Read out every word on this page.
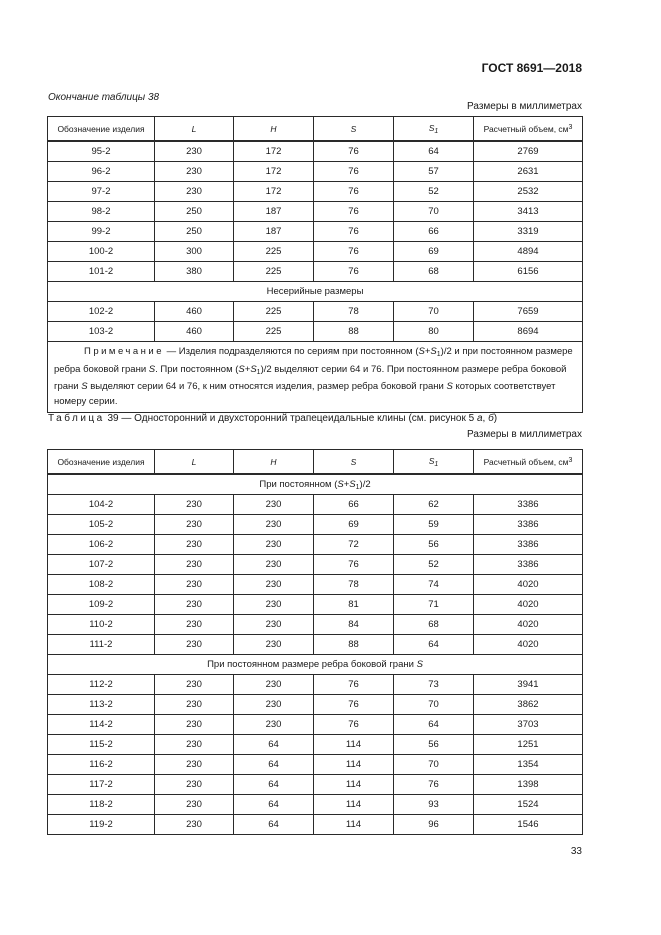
ГОСТ 8691—2018
Окончание таблицы 38
Размеры в миллиметрах
Обозначение изделия	L	H	S	$S_1$	Расчетный объем, $см^3$
95-2	230	172	76	64	2769
96-2	230	172	76	57	2631
97-2	230	172	76	52	2532
98-2	250	187	76	70	3413
99-2	250	187	76	66	3319
100-2	300	225	76	69	4894
101-2	380	225	76	68	6156
Несерийные размеры					
102-2	460	225	78	70	7659
103-2	460	225	88	80	8694
Примечание — Изделия подразделяются по сериям при постоянном $(S+S_1)/2$ и при постоянном размере ребра боковой грани S. При постоянном $(S+S_1)/2$ выделяют серии 64 и 76. При постоянном размере ребра боковой грани S выделяют серии 64 и 76, к ним относятся изделия, размер ребра боковой грани S которых соответствует номеру серии.					
Таблица 39 — Односторонний и двухсторонний трапецеидальные клины (см. рисунок 5 а, б)
Размеры в миллиметрах
Обозначение изделия	L	H	S	$S_1$	Расчетный объем, $см^3$
При постоянном $(S+S_1)/2$					
104-2	230	230	66	62	3386
105-2	230	230	69	59	3386
106-2	230	230	72	56	3386
107-2	230	230	76	52	3386
108-2	230	230	78	74	4020
109-2	230	230	81	71	4020
110-2	230	230	84	68	4020
111-2	230	230	88	64	4020
При постоянном размере ребра боковой грани S					
112-2	230	230	76	73	3941
113-2	230	230	76	70	3862
114-2	230	230	76	64	3703
115-2	230	64	114	56	1251
116-2	230	64	114	70	1354
117-2	230	64	114	76	1398
118-2	230	64	114	93	1524
119-2	230	64	114	96	1546
33
